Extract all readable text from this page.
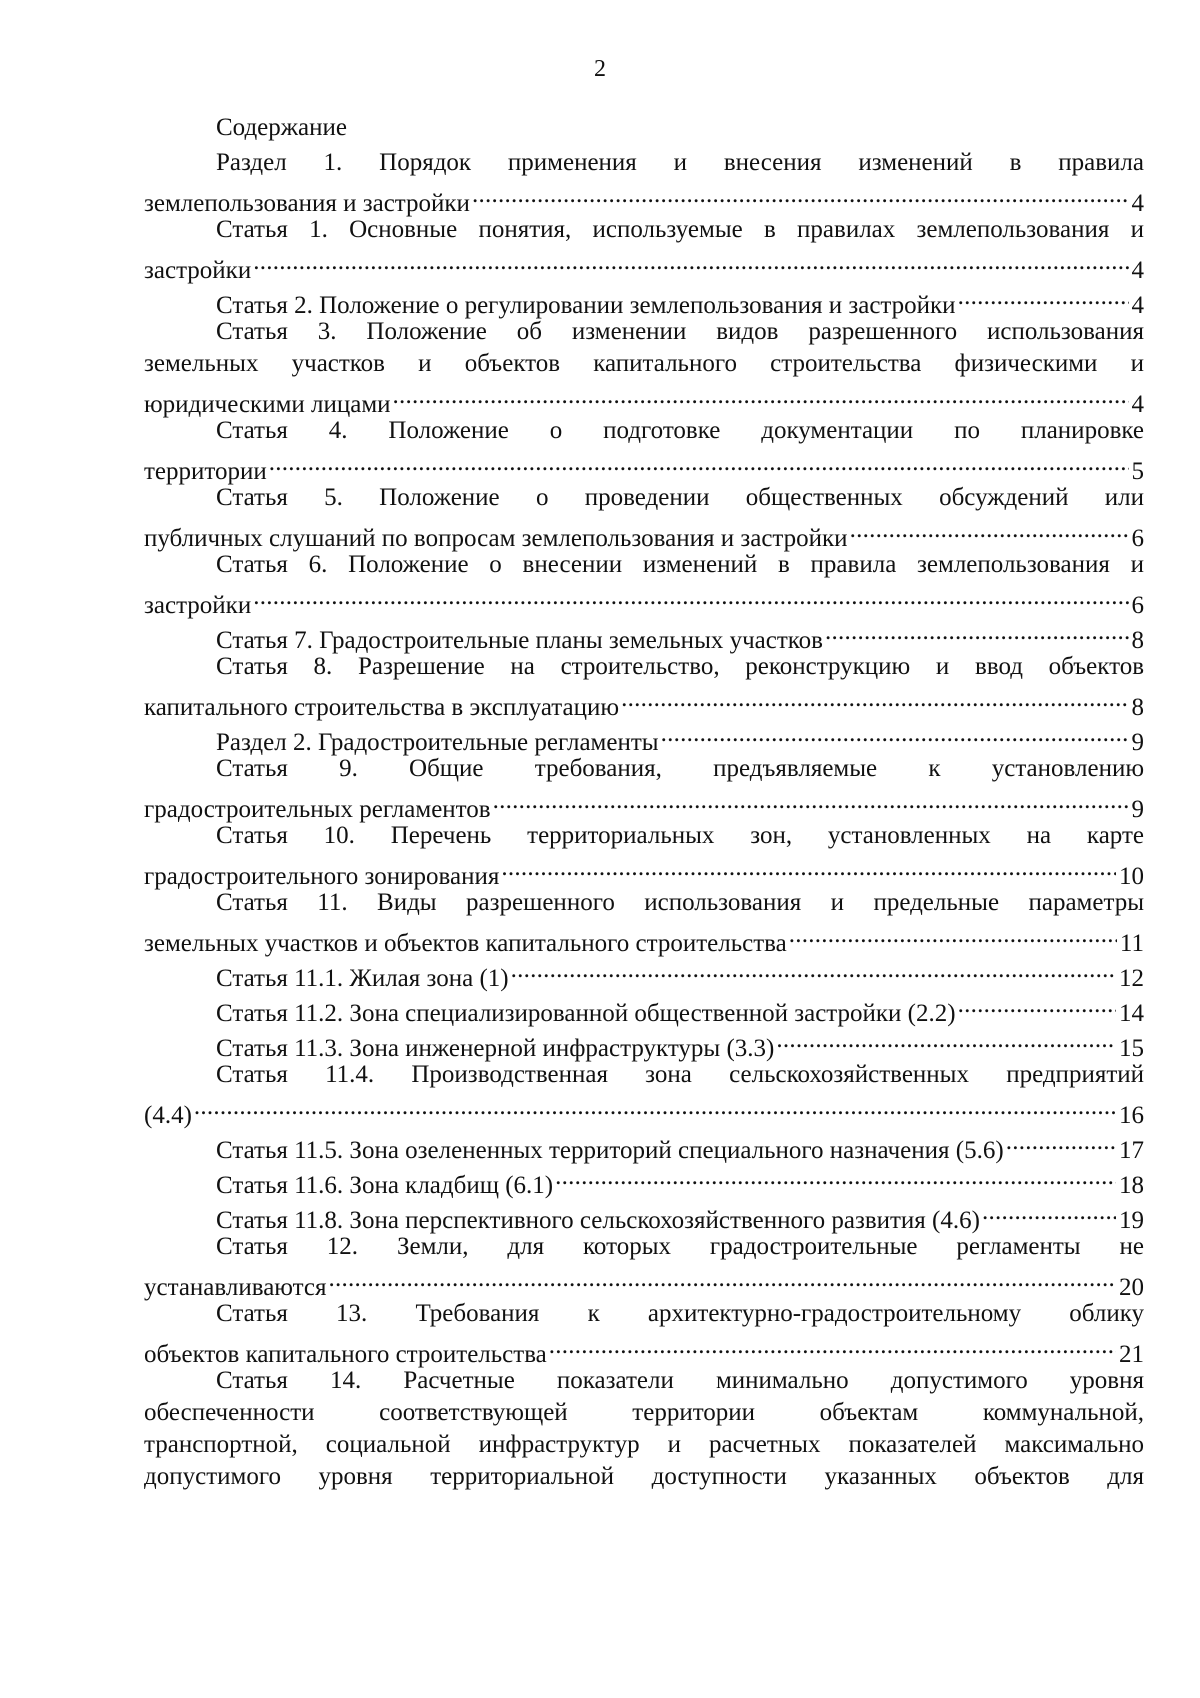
2
Содержание
Раздел 1. Порядок применения и внесения изменений в правила
землепользования и застройки . . .	4
Статья 1. Основные понятия, используемые в правилах землепользования и
застройки . . .	4
Статья 2. Положение о регулировании землепользования и застройки . . .	4
Статья 3. Положение об изменении видов разрешенного использования
земельных участков и объектов капитального строительства физическими и
юридическими лицами . . .	4
Статья 4. Положение о подготовке документации по планировке
территории . . .	5
Статья 5. Положение о проведении общественных обсуждений или
публичных слушаний по вопросам землепользования и застройки . . .	6
Статья 6. Положение о внесении изменений в правила землепользования и
застройки . . .	6
Статья 7. Градостроительные планы земельных участков . . .	8
Статья 8. Разрешение на строительство, реконструкцию и ввод объектов
капитального строительства в эксплуатацию . . .	8
Раздел 2. Градостроительные регламенты . . .	9
Статья 9. Общие требования, предъявляемые к установлению
градостроительных регламентов . . .	9
Статья 10. Перечень территориальных зон, установленных на карте
градостроительного зонирования . . .	10
Статья 11. Виды разрешенного использования и предельные параметры
земельных участков и объектов капитального строительства . . .	11
Статья 11.1. Жилая зона (1) . . .	12
Статья 11.2. Зона специализированной общественной застройки (2.2) . . .	14
Статья 11.3. Зона инженерной инфраструктуры (3.3) . . .	15
Статья 11.4. Производственная зона сельскохозяйственных предприятий
(4.4) . . .	16
Статья 11.5. Зона озелененных территорий специального назначения (5.6) . . .	17
Статья 11.6. Зона кладбищ (6.1) . . .	18
Статья 11.8. Зона перспективного сельскохозяйственного развития (4.6) . . .	19
Статья 12. Земли, для которых градостроительные регламенты не
устанавливаются . . .	20
Статья 13. Требования к архитектурно-градостроительному облику
объектов капитального строительства . . .	21
Статья 14. Расчетные показатели минимально допустимого уровня
обеспеченности соответствующей территории объектам коммунальной,
транспортной, социальной инфраструктур и расчетных показателей максимально
допустимого уровня территориальной доступности указанных объектов для
